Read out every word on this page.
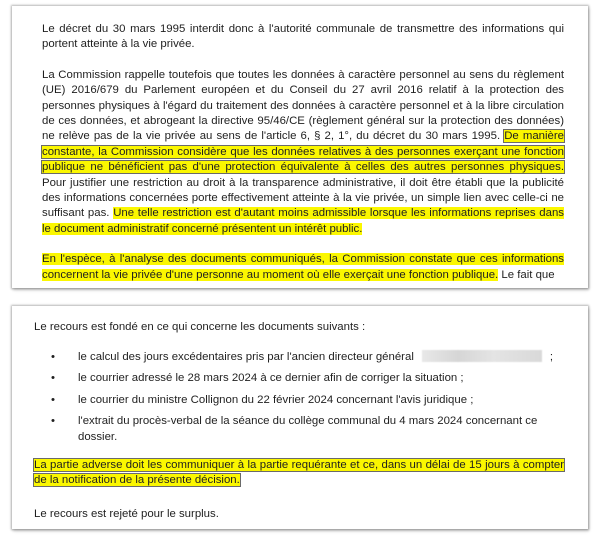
Le décret du 30 mars 1995 interdit donc à l'autorité communale de transmettre des informations qui portent atteinte à la vie privée.

La Commission rappelle toutefois que toutes les données à caractère personnel au sens du règlement (UE) 2016/679 du Parlement européen et du Conseil du 27 avril 2016 relatif à la protection des personnes physiques à l'égard du traitement des données à caractère personnel et à la libre circulation de ces données, et abrogeant la directive 95/46/CE (règlement général sur la protection des données) ne relève pas de la vie privée au sens de l'article 6, § 2, 1°, du décret du 30 mars 1995. De manière constante, la Commission considère que les données relatives à des personnes exerçant une fonction publique ne bénéficient pas d'une protection équivalente à celles des autres personnes physiques. Pour justifier une restriction au droit à la transparence administrative, il doit être établi que la publicité des informations concernées porte effectivement atteinte à la vie privée, un simple lien avec celle-ci ne suffisant pas. Une telle restriction est d'autant moins admissible lorsque les informations reprises dans le document administratif concerné présentent un intérêt public.

En l'espèce, à l'analyse des documents communiqués, la Commission constate que ces informations concernent la vie privée d'une personne au moment où elle exerçait une fonction publique. Le fait que

Le recours est fondé en ce qui concerne les documents suivants :

• le calcul des jours excédentaires pris par l'ancien directeur général	;
• le courrier adressé le 28 mars 2024 à ce dernier afin de corriger la situation ;
• le courrier du ministre Collignon du 22 février 2024 concernant l'avis juridique ;
• l'extrait du procès-verbal de la séance du collège communal du 4 mars 2024 concernant ce dossier.

La partie adverse doit les communiquer à la partie requérante et ce, dans un délai de 15 jours à compter de la notification de la présente décision.

Le recours est rejeté pour le surplus.
